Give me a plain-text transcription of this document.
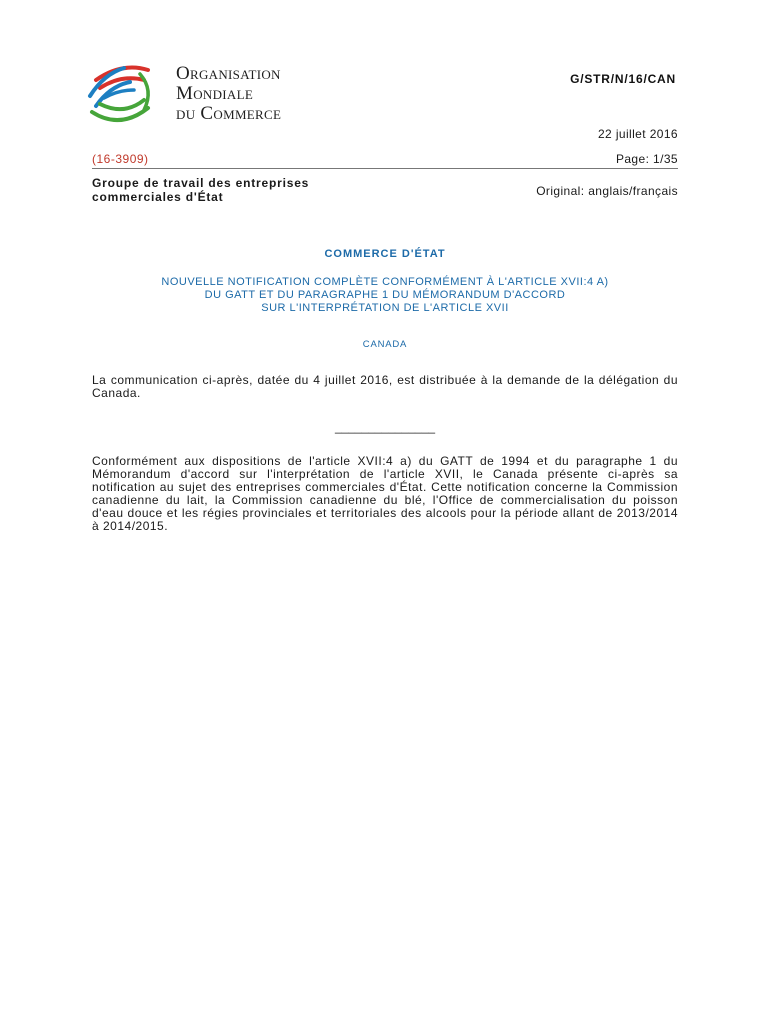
Organisation
Mondiale
du Commerce
G/STR/N/16/CAN
22 juillet 2016
(16-3909)	Page: 1/35
Groupe de travail des entreprises commerciales d'État	Original: anglais/français
COMMERCE D'ÉTAT
NOUVELLE NOTIFICATION COMPLÈTE CONFORMÉMENT À L'ARTICLE XVII:4 A)
DU GATT ET DU PARAGRAPHE 1 DU MÉMORANDUM D'ACCORD
SUR L'INTERPRÉTATION DE L'ARTICLE XVII
CANADA
La communication ci-après, datée du 4 juillet 2016, est distribuée à la demande de la délégation du Canada.
_______________
Conformément aux dispositions de l'article XVII:4 a) du GATT de 1994 et du paragraphe 1 du Mémorandum d'accord sur l'interprétation de l'article XVII, le Canada présente ci-après sa notification au sujet des entreprises commerciales d'État. Cette notification concerne la Commission canadienne du lait, la Commission canadienne du blé, l'Office de commercialisation du poisson d'eau douce et les régies provinciales et territoriales des alcools pour la période allant de 2013/2014 à 2014/2015.
